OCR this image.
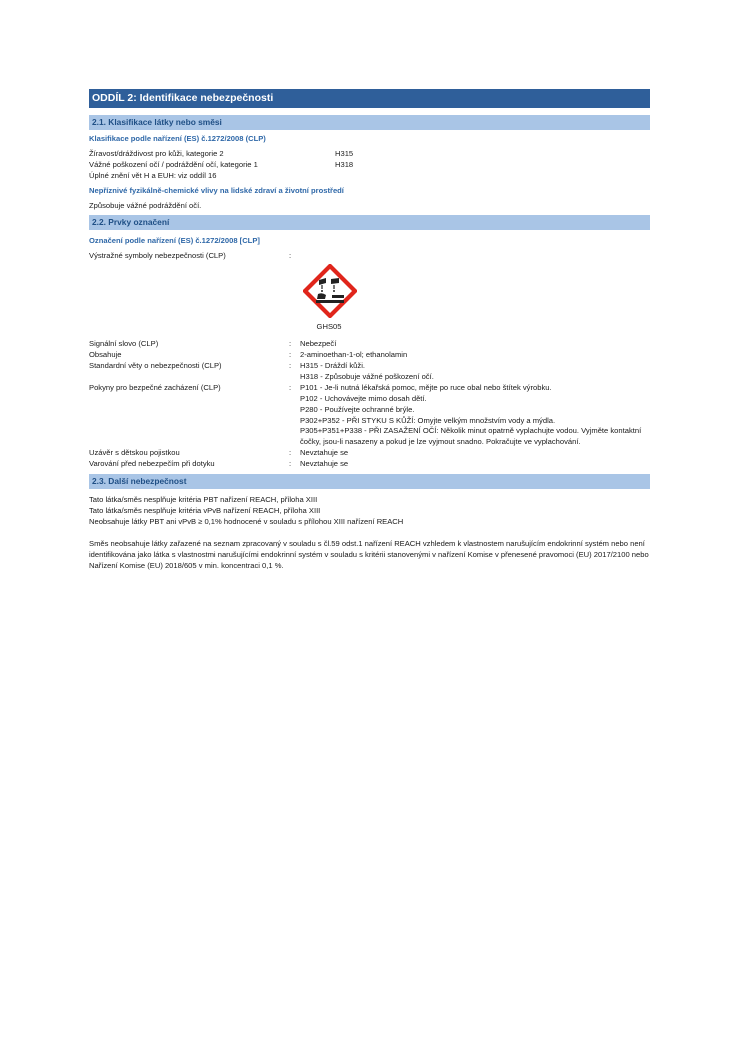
ODDÍL 2: Identifikace nebezpečnosti
2.1. Klasifikace látky nebo směsi
Klasifikace podle nařízení (ES) č.1272/2008 (CLP)
Žíravost/dráždivost pro kůži, kategorie 2	H315
Vážné poškození očí / podráždění očí, kategorie 1	H318
Úplné znění vět H a EUH: viz oddíl 16
Nepříznivé fyzikálně-chemické vlivy na lidské zdraví a životní prostředí
Způsobuje vážné podráždění očí.
2.2. Prvky označení
Označení podle nařízení (ES) č.1272/2008 [CLP]
Výstražné symboly nebezpečnosti (CLP)	:
GHS05
Signální slovo (CLP)	:	Nebezpečí
Obsahuje	:	2-aminoethan-1-ol; ethanolamin
Standardní věty o nebezpečnosti (CLP)	:	H315 - Dráždí kůži.

H318 - Způsobuje vážné poškození očí.

Pokyny pro bezpečné zacházení (CLP)	:	P101 - Je-li nutná lékařská pomoc, mějte po ruce obal nebo štítek výrobku.

P102 - Uchovávejte mimo dosah dětí.

P280 - Používejte ochranné brýle.

P302+P352 - PŘI STYKU S KŮŽÍ: Omyjte velkým množstvím vody a mýdla.

P305+P351+P338 - PŘI ZASAŽENÍ OČÍ: Několik minut opatrně vyplachujte vodou. Vyjměte kontaktní čočky, jsou-li nasazeny a pokud je lze vyjmout snadno. Pokračujte ve vyplachování.

Uzávěr s dětskou pojistkou	:	Nevztahuje se
Varování před nebezpečím při dotyku	:	Nevztahuje se
2.3. Další nebezpečnost

Tato látka/směs nesplňuje kritéria PBT nařízení REACH, příloha XIII

Tato látka/směs nesplňuje kritéria vPvB nařízení REACH, příloha XIII

Neobsahuje látky PBT ani vPvB ≥ 0,1% hodnocené v souladu s přílohou XIII nařízení REACH

Směs neobsahuje látky zařazené na seznam zpracovaný v souladu s čl.59 odst.1 nařízení REACH vzhledem k vlastnostem narušujícím endokrinní systém nebo není identifikována jako látka s vlastnostmi narušujícími endokrinní systém v souladu s kritérii stanovenými v nařízení Komise v přenesené pravomoci (EU) 2017/2100 nebo Nařízení Komise (EU) 2018/605 v min. koncentraci 0,1 %.
